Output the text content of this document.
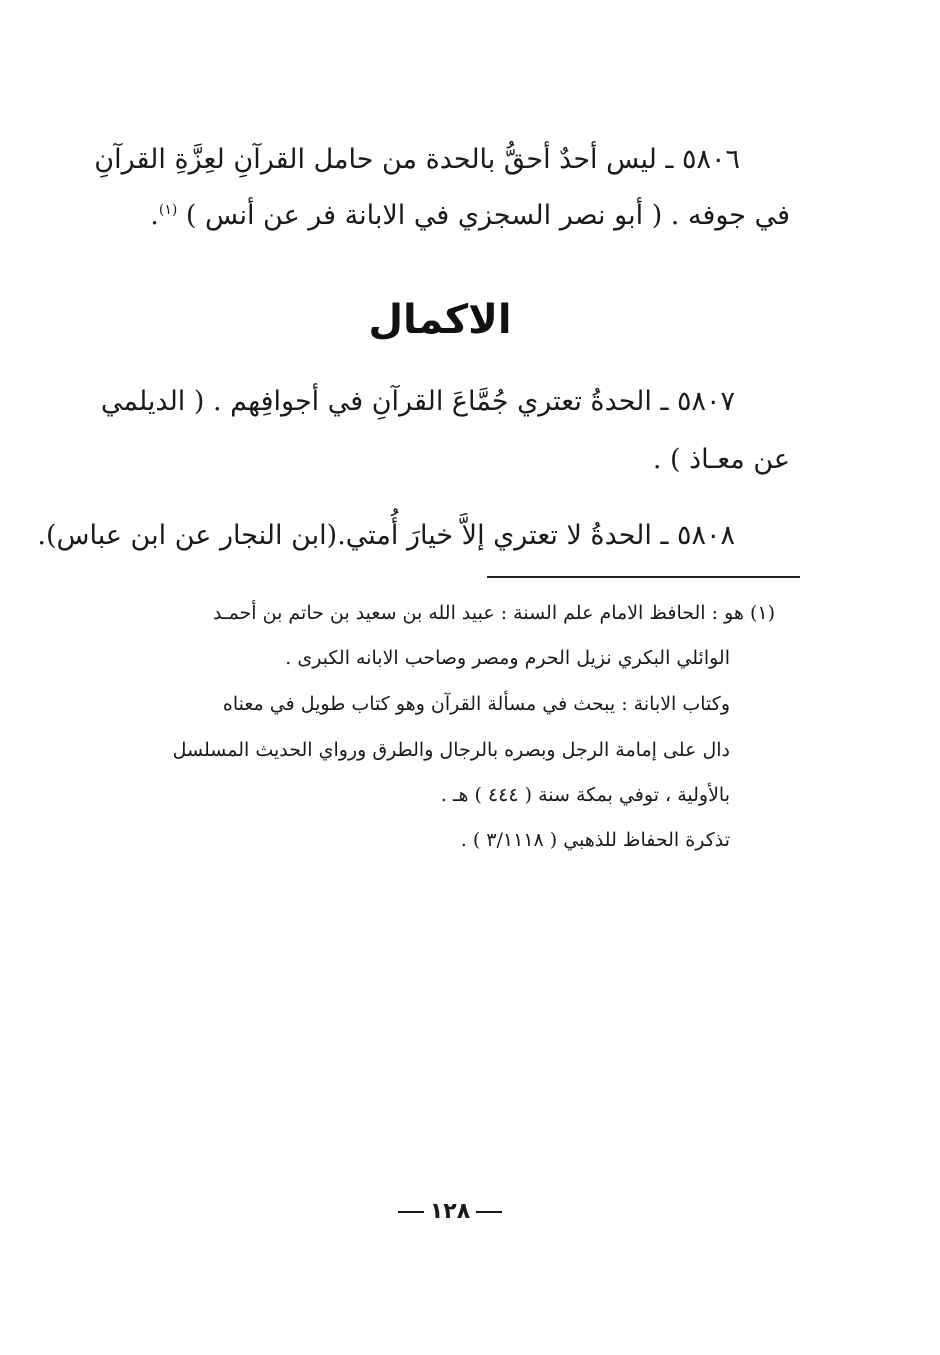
٥٨٠٦ ـ ليس أحدٌ أحقُّ بالحدة من حامل القرآنِ لعِزَّةِ القرآنِ
في جوفه . ( أبو نصر السجزي في الابانة فر عن أنس ) $^{(١)}$.
الاكمال
٥٨٠٧ ـ الحدةُ تعتري جُمَّاعَ القرآنِ في أجوافِهم . ( الديلمي
عن معـاذ ) .
٥٨٠٨ ـ الحدةُ لا تعتري إلاَّ خيارَ أُمتي.(ابن النجار عن ابن عباس).
(١) هو : الحافظ الامام علم السنة : عبيد الله بن سعيد بن حاتم بن أحمـد
الوائلي البكري نزيل الحرم ومصر وصاحب الابانه الكبرى .
وكتاب الابانة : يبحث في مسألة القرآن وهو كتاب طويل في معناه
دال على إمامة الرجل وبصره بالرجال والطرق ورواي الحديث المسلسل
بالأولية ، توفي بمكة سنة ( ٤٤٤ ) هـ .
تذكرة الحفاظ للذهبي ( ٣/١١١٨ ) .
١٢٨
